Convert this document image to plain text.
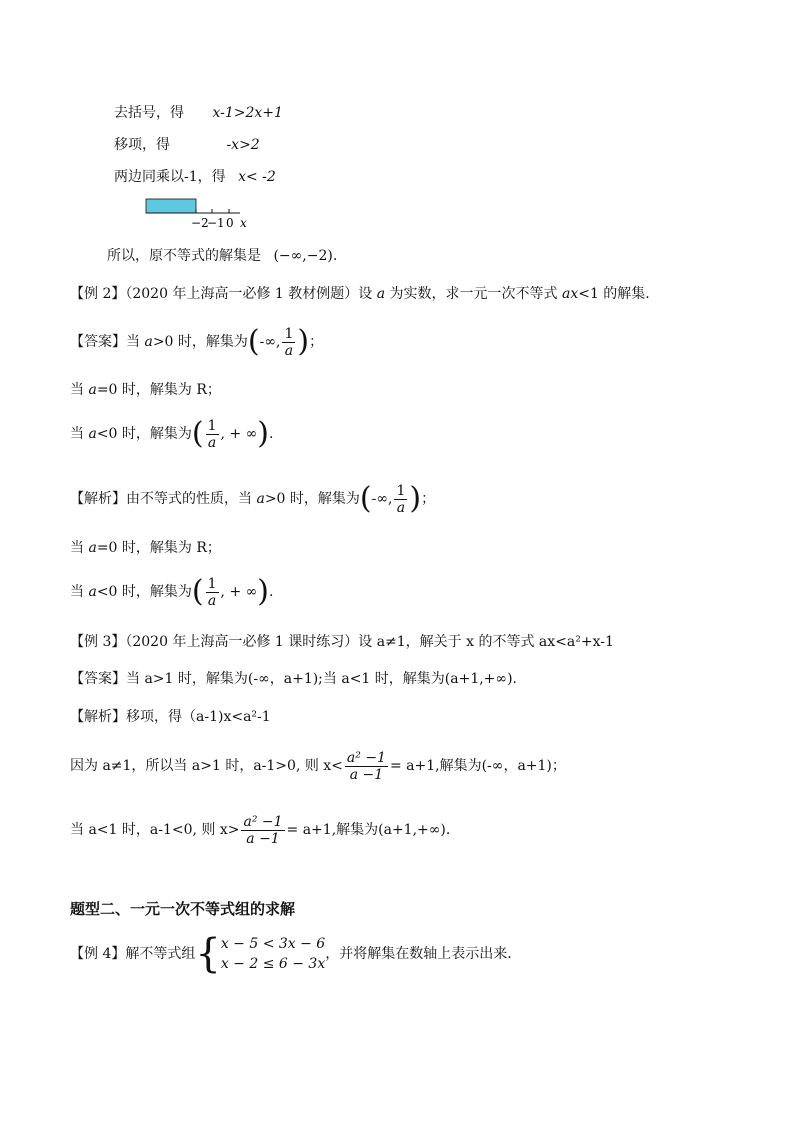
去括号，得 x-1>2x+1
移项，得	-x>2
两边同乘以-1，得 x< -2
−2
−1 0 x
所以，原不等式的解集是 (−∞,−2).
【例 2】（2020 年上海高一必修 1 教材例题）设 a 为实数，求一元一次不等式 ax<1 的解集.
【答案】当 a>0 时，解集为(-∞, $\frac{1}{a}$ )；
当 a=0 时，解集为 R；
当 a<0 时，解集为( $\frac{1}{a}$ , + ∞).
【解析】由不等式的性质，当 a>0 时，解集为(-∞, $\frac{1}{a}$ )；
当 a=0 时，解集为 R；
当 a<0 时，解集为( $\frac{1}{a}$ , + ∞).
【例 3】（2020 年上海高一必修 1 课时练习）设 a≠1，解关于 x 的不等式 ax<a²+x-1
【答案】当 a>1 时，解集为(-∞，a+1);当 a<1 时，解集为(a+1,+∞).
【解析】移项，得（a-1)x<a²-1
因为 a≠1，所以当 a>1 时，a-1>0, 则 $x< \frac{\text{a² −1}}{a -1} = a+1$,解集为(-∞，a+1)；
当 a<1 时，a-1<0, 则 $x> \frac{\text{a² −1}}{a -1} = a+1$,解集为(a+1,+∞).
题型二、一元一次不等式组的求解
【例 4】解不等式组{ x − 5 < 3x − 6
x − 2 ≤ 6 − 3x
，并将解集在数轴上表示出来.
